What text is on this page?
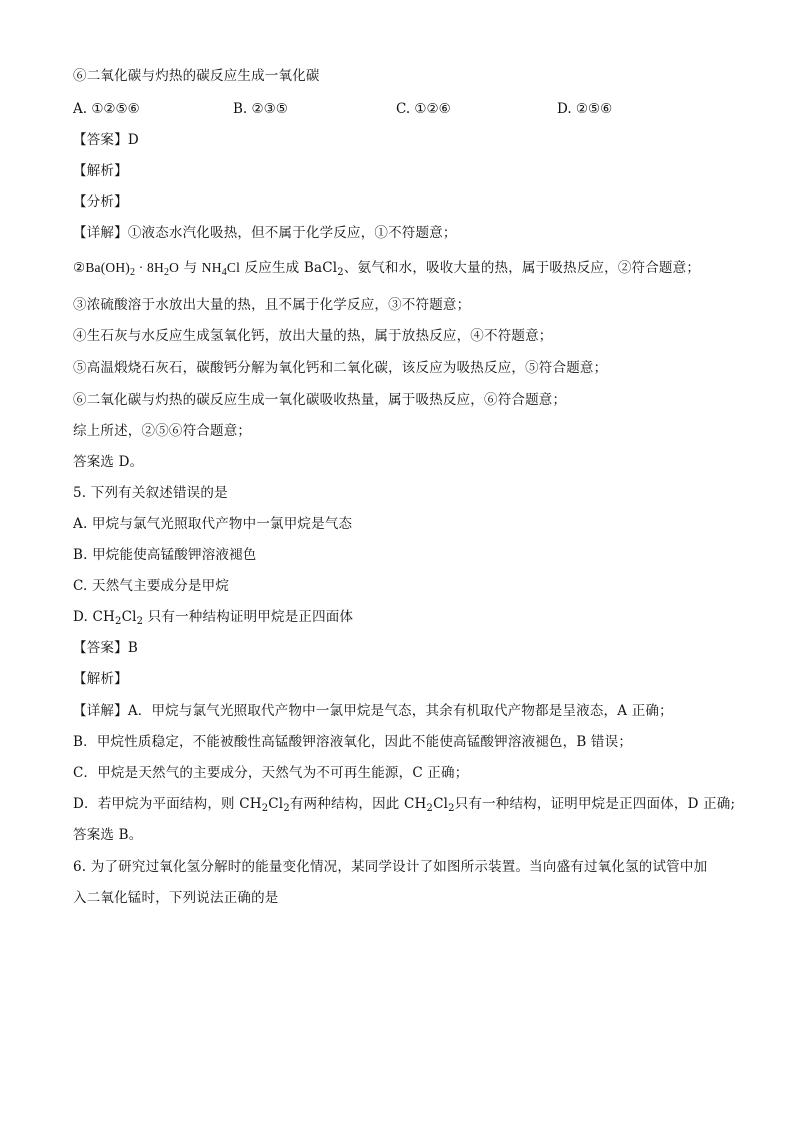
⑥二氧化碳与灼热的碳反应生成一氧化碳
A. ①②⑤⑥	B. ②③⑤	C. ①②⑥	D. ②⑤⑥
【答案】D
【解析】
【分析】
【详解】①液态水汽化吸热，但不属于化学反应，①不符题意；
$②Ba(OH)_2 \cdot 8H_2O$ 与 $NH_4Cl$ 反应生成 BaCl$_2$、氨气和水，吸收大量的热，属于吸热反应，②符合题意；
③浓硫酸溶于水放出大量的热，且不属于化学反应，③不符题意；
④生石灰与水反应生成氢氧化钙，放出大量的热，属于放热反应，④不符题意；
⑤高温煅烧石灰石，碳酸钙分解为氧化钙和二氧化碳，该反应为吸热反应，⑤符合题意；
⑥二氧化碳与灼热的碳反应生成一氧化碳吸收热量，属于吸热反应，⑥符合题意；
综上所述，②⑤⑥符合题意；
答案选 D。
5. 下列有关叙述错误的是
A. 甲烷与氯气光照取代产物中一氯甲烷是气态
B. 甲烷能使高锰酸钾溶液褪色
C. 天然气主要成分是甲烷
D. $CH_2Cl_2$ 只有一种结构证明甲烷是正四面体
【答案】B
【解析】
【详解】A．甲烷与氯气光照取代产物中一氯甲烷是气态，其余有机取代产物都是呈液态，A 正确；
B．甲烷性质稳定，不能被酸性高锰酸钾溶液氧化，因此不能使高锰酸钾溶液褪色，B 错误；
C．甲烷是天然气的主要成分，天然气为不可再生能源，C 正确；
D．若甲烷为平面结构，则 $CH_2Cl_2$有两种结构，因此 $CH_2Cl_2$只有一种结构，证明甲烷是正四面体，D 正确;
答案选 B。
6. 为了研究过氧化氢分解时的能量变化情况，某同学设计了如图所示装置。当向盛有过氧化氢的试管中加
入二氧化锰时，下列说法正确的是
